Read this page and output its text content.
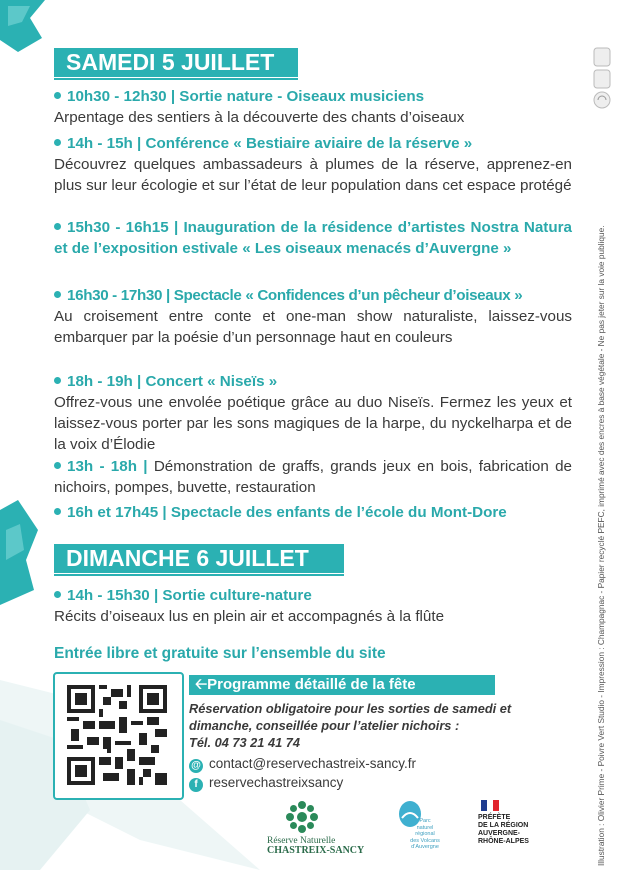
SAMEDI 5 JUILLET
10h30 - 12h30 | Sortie nature - Oiseaux musiciens
Arpentage des sentiers à la découverte des chants d’oiseaux
14h - 15h | Conférence « Bestiaire aviaire de la réserve »
Découvrez quelques ambassadeurs à plumes de la réserve, apprenez-en plus sur leur écologie et sur l’état de leur population dans cet espace protégé
15h30 - 16h15 | Inauguration de la résidence d’artistes Nostra Natura et de l’exposition estivale « Les oiseaux menacés d’Auvergne »
16h30 - 17h30 | Spectacle « Confidences d’un pêcheur d’oiseaux »
Au croisement entre conte et one-man show naturaliste, laissez-vous embarquer par la poésie d’un personnage haut en couleurs
18h - 19h | Concert « Niseïs »
Offrez-vous une envolée poétique grâce au duo Niseïs. Fermez les yeux et laissez-vous porter par les sons magiques de la harpe, du nyckelharpa et de la voix d’Élodie
13h - 18h | Démonstration de graffs, grands jeux en bois, fabrication de nichoirs, pompes, buvette, restauration
16h et 17h45 | Spectacle des enfants de l’école du Mont-Dore
DIMANCHE 6 JUILLET
14h - 15h30 | Sortie culture-nature
Récits d’oiseaux lus en plein air et accompagnés à la flûte
Entrée libre et gratuite sur l’ensemble du site
🡠Programme détaillé de la fête
Réservation obligatoire pour les sorties de samedi et dimanche, conseillée pour l’atelier nichoirs :
Tél. 04 73 21 41 74
@ contact@reservechastreix-sancy.fr
f reservechastreixsancy
Réserve Naturelle
CHASTREIX-SANCY
Parc
naturel
régional
des Volcans
d’Auvergne
PRÉFÈTE
DE LA RÉGION
AUVERGNE-
RHÔNE-ALPES	Illustration : Olivier Prime - Poivre Vert Studio - Impression : Champagnac - Papier recyclé PEFC, imprimé avec des encres à base végétale - Ne pas jeter sur la voie publique.
